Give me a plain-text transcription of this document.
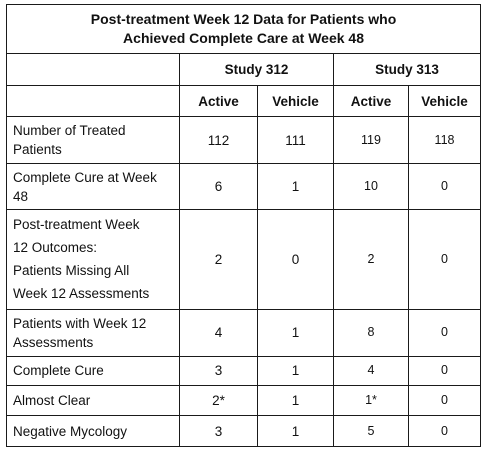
Post-treatment Week 12 Data for Patients who
Achieved Complete Care at Week 48				
	Study 312		Study 313	
	Active	Vehicle	Active	Vehicle
Number of Treated Patients	112	111	119	118
Complete Cure at Week 48	6	1	10	0
Post-treatment Week
12 Outcomes:
Patients Missing All
Week 12 Assessments	2	0	2	0
Patients with Week 12 Assessments	4	1	8	0
Complete Cure	3	1	4	0
Almost Clear	2*	1	1*	0
Negative Mycology	3	1	5	0
